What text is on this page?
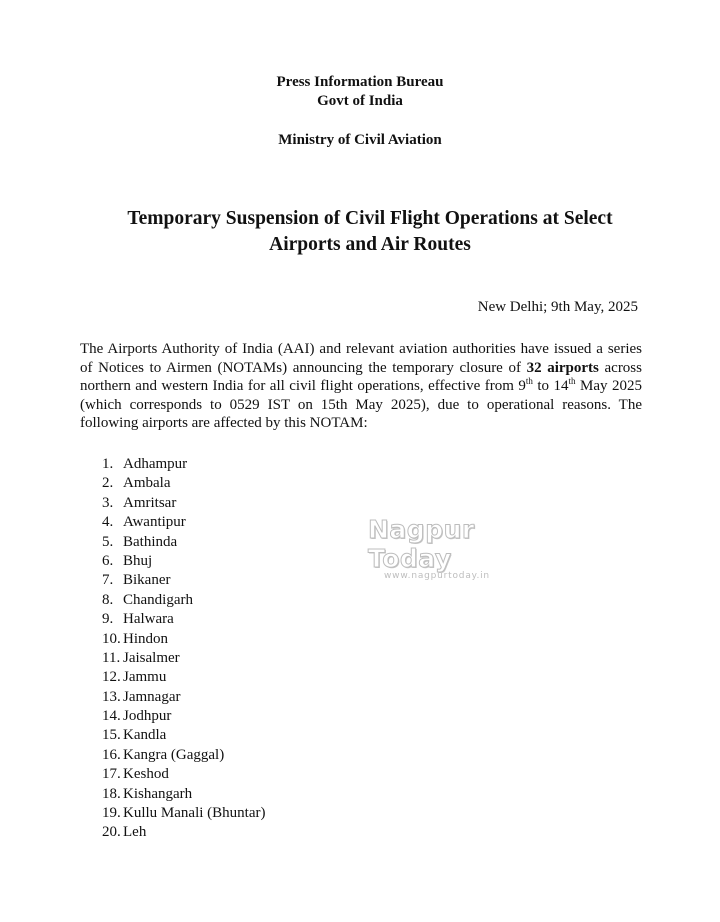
Press Information Bureau
Govt of India
Ministry of Civil Aviation
Temporary Suspension of Civil Flight Operations at Select
Airports and Air Routes
New Delhi; 9th May, 2025
The Airports Authority of India (AAI) and relevant aviation authorities have issued a series of Notices to Airmen (NOTAMs) announcing the temporary closure of 32 airports across northern and western India for all civil flight operations, effective from 9th to 14th May 2025 (which corresponds to 0529 IST on 15th May 2025), due to operational reasons. The following airports are affected by this NOTAM:
1. Adhampur
2. Ambala
3. Amritsar
4. Awantipur
5. Bathinda
6. Bhuj
7. Bikaner
8. Chandigarh
9. Halwara
10. Hindon
11. Jaisalmer
12. Jammu
13. Jamnagar
14. Jodhpur
15. Kandla
16. Kangra (Gaggal)
17. Keshod
18. Kishangarh
19. Kullu Manali (Bhuntar)
20. Leh
Nagpur Today
www.nagpurtoday.in
